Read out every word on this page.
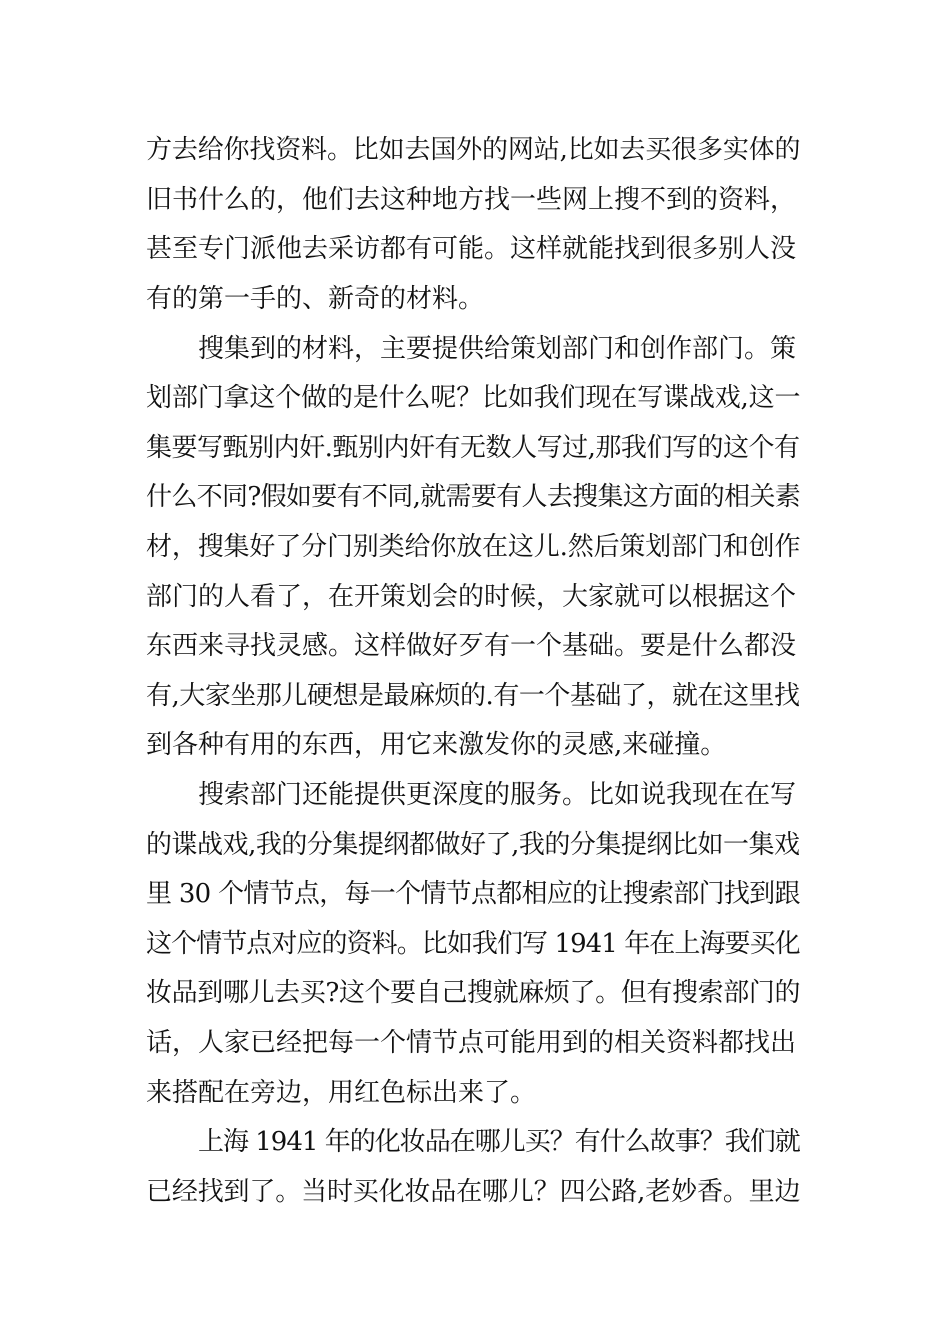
方去给你找资料。比如去国外的网站,比如去买很多实体的
旧书什么的，他们去这种地方找一些网上搜不到的资料，
甚至专门派他去采访都有可能。这样就能找到很多别人没
有的第一手的、新奇的材料。
搜集到的材料，主要提供给策划部门和创作部门。策
划部门拿这个做的是什么呢？比如我们现在写谍战戏,这一
集要写甄别内奸.甄别内奸有无数人写过,那我们写的这个有
什么不同?假如要有不同,就需要有人去搜集这方面的相关素
材，搜集好了分门别类给你放在这儿.然后策划部门和创作
部门的人看了，在开策划会的时候，大家就可以根据这个
东西来寻找灵感。这样做好歹有一个基础。要是什么都没
有,大家坐那儿硬想是最麻烦的.有一个基础了，就在这里找
到各种有用的东西，用它来激发你的灵感,来碰撞。
搜索部门还能提供更深度的服务。比如说我现在在写
的谍战戏,我的分集提纲都做好了,我的分集提纲比如一集戏
里 30 个情节点，每一个情节点都相应的让搜索部门找到跟
这个情节点对应的资料。比如我们写 1941 年在上海要买化
妆品到哪儿去买?这个要自己搜就麻烦了。但有搜索部门的
话，人家已经把每一个情节点可能用到的相关资料都找出
来搭配在旁边，用红色标出来了。
上海 1941 年的化妆品在哪儿买？有什么故事？我们就
已经找到了。当时买化妆品在哪儿？四公路,老妙香。里边
